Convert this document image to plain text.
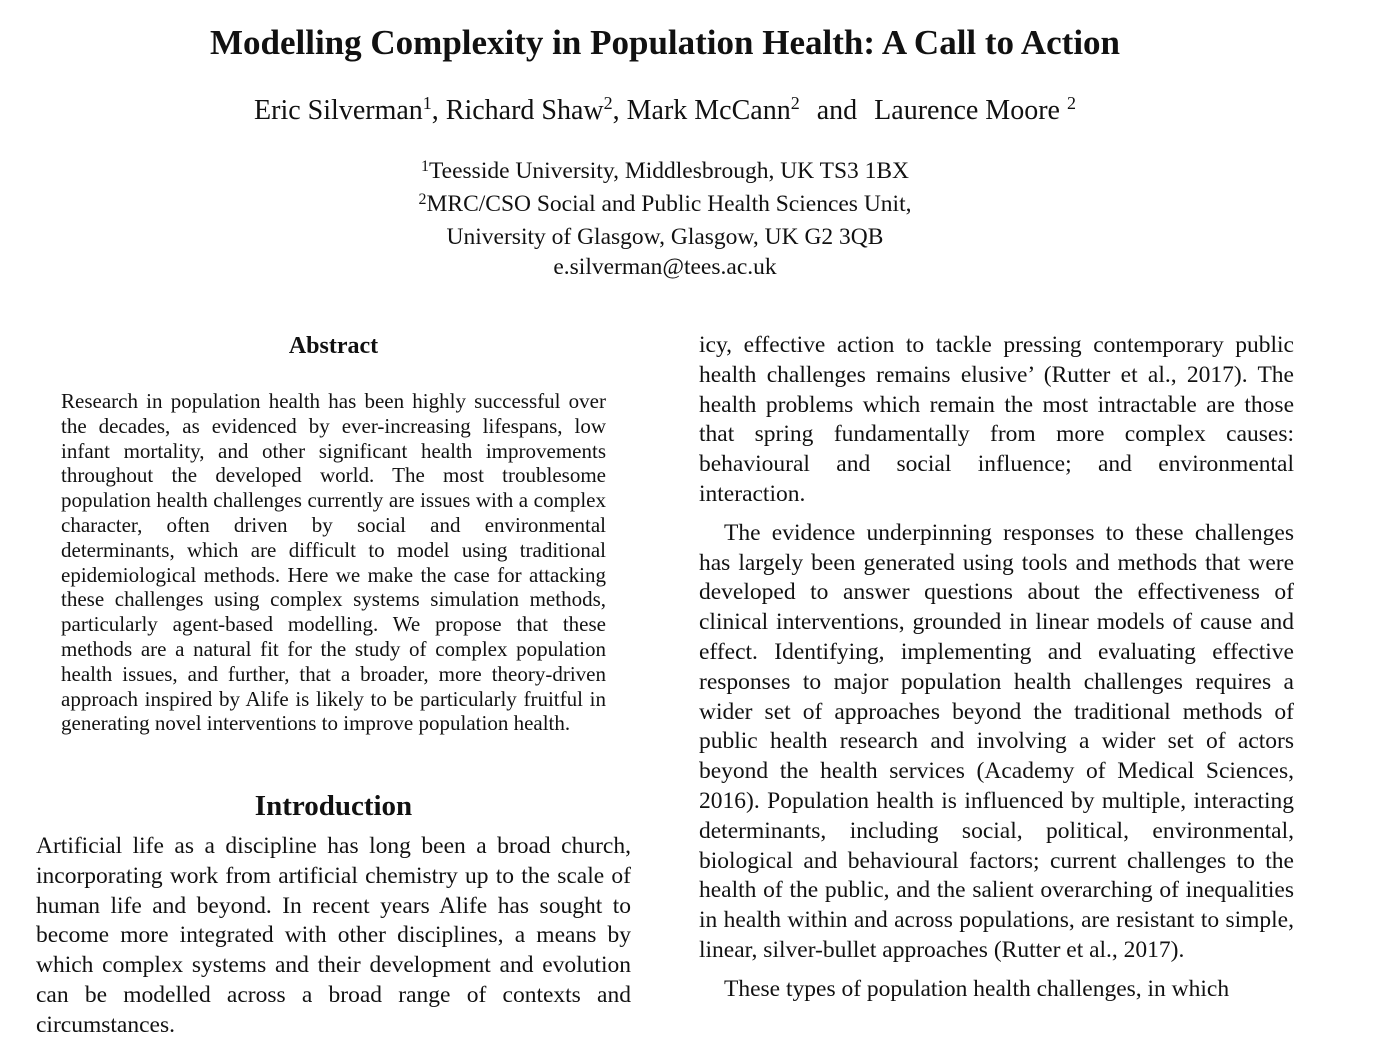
Modelling Complexity in Population Health: A Call to Action
Eric Silverman$^1$, Richard Shaw$^2$, Mark McCann$^2$ and Laurence Moore $^2$
$^1$Teesside University, Middlesbrough, UK TS3 1BX
$^2$MRC/CSO Social and Public Health Sciences Unit,
University of Glasgow, Glasgow, UK G2 3QB
e.silverman@tees.ac.uk
Abstract

Research in population health has been highly successful over the decades, as evidenced by ever-increasing lifespans, low infant mortality, and other significant health improvements throughout the developed world. The most troublesome population health challenges currently are issues with a complex character, often driven by social and environmental determinants, which are difficult to model using traditional epidemiological methods. Here we make the case for attacking these challenges using complex systems simulation methods, particularly agent-based modelling. We propose that these methods are a natural fit for the study of complex population health issues, and further, that a broader, more theory-driven approach inspired by Alife is likely to be particularly fruitful in generating novel interventions to improve population health.

Introduction

Artificial life as a discipline has long been a broad church, incorporating work from artificial chemistry up to the scale of human life and beyond. In recent years Alife has sought to become more integrated with other disciplines, a means by which complex systems and their development and evolution can be modelled across a broad range of contexts and circumstances.

icy, effective action to tackle pressing contemporary public health challenges remains elusive’ (Rutter et al., 2017). The health problems which remain the most intractable are those that spring fundamentally from more complex causes: behavioural and social influence; and environmental interaction.

The evidence underpinning responses to these challenges has largely been generated using tools and methods that were developed to answer questions about the effectiveness of clinical interventions, grounded in linear models of cause and effect. Identifying, implementing and evaluating effective responses to major population health challenges requires a wider set of approaches beyond the traditional methods of public health research and involving a wider set of actors beyond the health services (Academy of Medical Sciences, 2016). Population health is influenced by multiple, interacting determinants, including social, political, environmental, biological and behavioural factors; current challenges to the health of the public, and the salient overarching of inequalities in health within and across populations, are resistant to simple, linear, silver-bullet approaches (Rutter et al., 2017).

These types of population health challenges, in which
